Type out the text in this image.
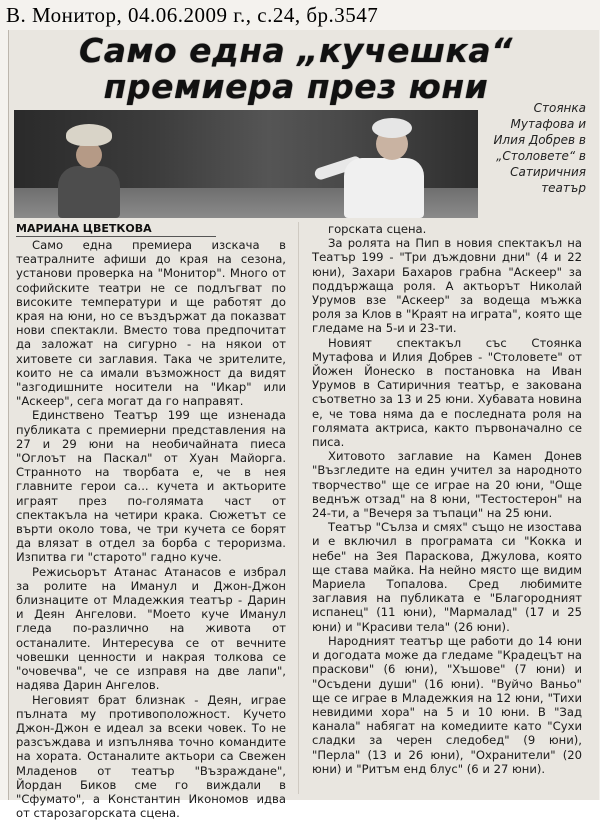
В. Монитор, 04.06.2009 г., с.24, бр.3547
Само една „кучешка“
премиера през юни
Стоянка Мутафова и Илия Добрев в „Столовете“ в Сатиричния театър
МАРИАНА ЦВЕТКОВА

Само една премиера изскача в театралните афиши до края на сезона, установи проверка на "Монитор". Много от софийските театри не се подлъгват по високите температури и ще работят до края на юни, но се въздържат да показват нови спектакли. Вместо това предпочитат да заложат на сигурно - на някои от хитовете си заглавия. Така че зрителите, които не са имали възможност да видят "азгодишните носители на "Икар" или "Аскеер", сега могат да го направят.

Единствено Театър 199 ще изненада публиката с премиерни представления на 27 и 29 юни на необичайната пиеса "Оглоът на Паскал" от Хуан Майорга. Странното на творбата е, че в нея главните герои са... кучета и актьорите играят през по-голямата част от спектакъла на четири крака. Сюжетът се върти около това, че три кучета се борят да влязат в отдел за борба с тероризма. Изпитва ги "старото" гадно куче.

Режисьорът Атанас Атанасов е избрал за ролите на Иманул и Джон-Джон близнаците от Младежкия театър - Дарин и Деян Ангелови. "Моето куче Иманул гледа по-различно на живота от останалите. Интересува се от вечните човешки ценности и накрая толкова се "очовечва", че се изправя на двe лапи", надява Дарин Ангелов.

Неговият брат близнак - Деян, играе пълната му противоположност. Кучето Джон-Джон е идеал за всеки човек. То не разсъждава и изпълнява точно командите на хората. Останалите актьори са Свежен Младенов от театър "Възраждане", Йордан Биков сме го виждали в "Сфумато", а Константин Икономов идва от старозагорската сцена.

горската сцена.

За ролята на Пип в новия спектакъл на Театър 199 - "Три дъждовни дни" (4 и 22 юни), Захари Бахаров грабна "Аскеер" за поддържаща роля. А актьорът Николай Урумов взе "Аскеер" за водеща мъжка роля за Клов в "Краят на играта", която ще гледаме на 5-и и 23-ти.

Новият спектакъл със Стоянка Мутафова и Илия Добрев - "Столовете" от Йожен Йонеско в постановка на Иван Урумов в Сатиричния театър, е закована съответно за 13 и 25 юни. Хубавата новина е, че това няма да е последната роля на голямата актриса, както първоначално се писа.

Хитовото заглавие на Камен Донев "Възгледите на един учител за народното творчество" ще се играе на 20 юни, "Още веднъж отзад" на 8 юни, "Тестостерон" на 24-ти, а "Вечеря за тъпаци" на 25 юни.

Театър "Сълза и смях" също не изостава и е включил в програмата си "Кокка и небе" на Зея Параскова, Джулова, която ще става майка. На нейно място ще видим Мариела Топалова. Сред любимите заглавия на публиката е "Благородният испанец" (11 юни), "Мармалад" (17 и 25 юни) и "Красиви тела" (26 юни).

Народният театър ще работи до 14 юни и догодата може да гледаме "Крадецът на праскови" (6 юни), "Хъшове" (7 юни) и "Осъдени души" (16 юни). "Вуйчо Ваньо" ще се играе в Младежкия на 12 юни, "Тихи невидими хора" на 5 и 10 юни. В "Зад канала" набягат на комедиите като "Сухи сладки за черен следобед" (9 юни), "Перла" (13 и 26 юни), "Охранители" (20 юни) и "Ритъм енд блус" (6 и 27 юни).
